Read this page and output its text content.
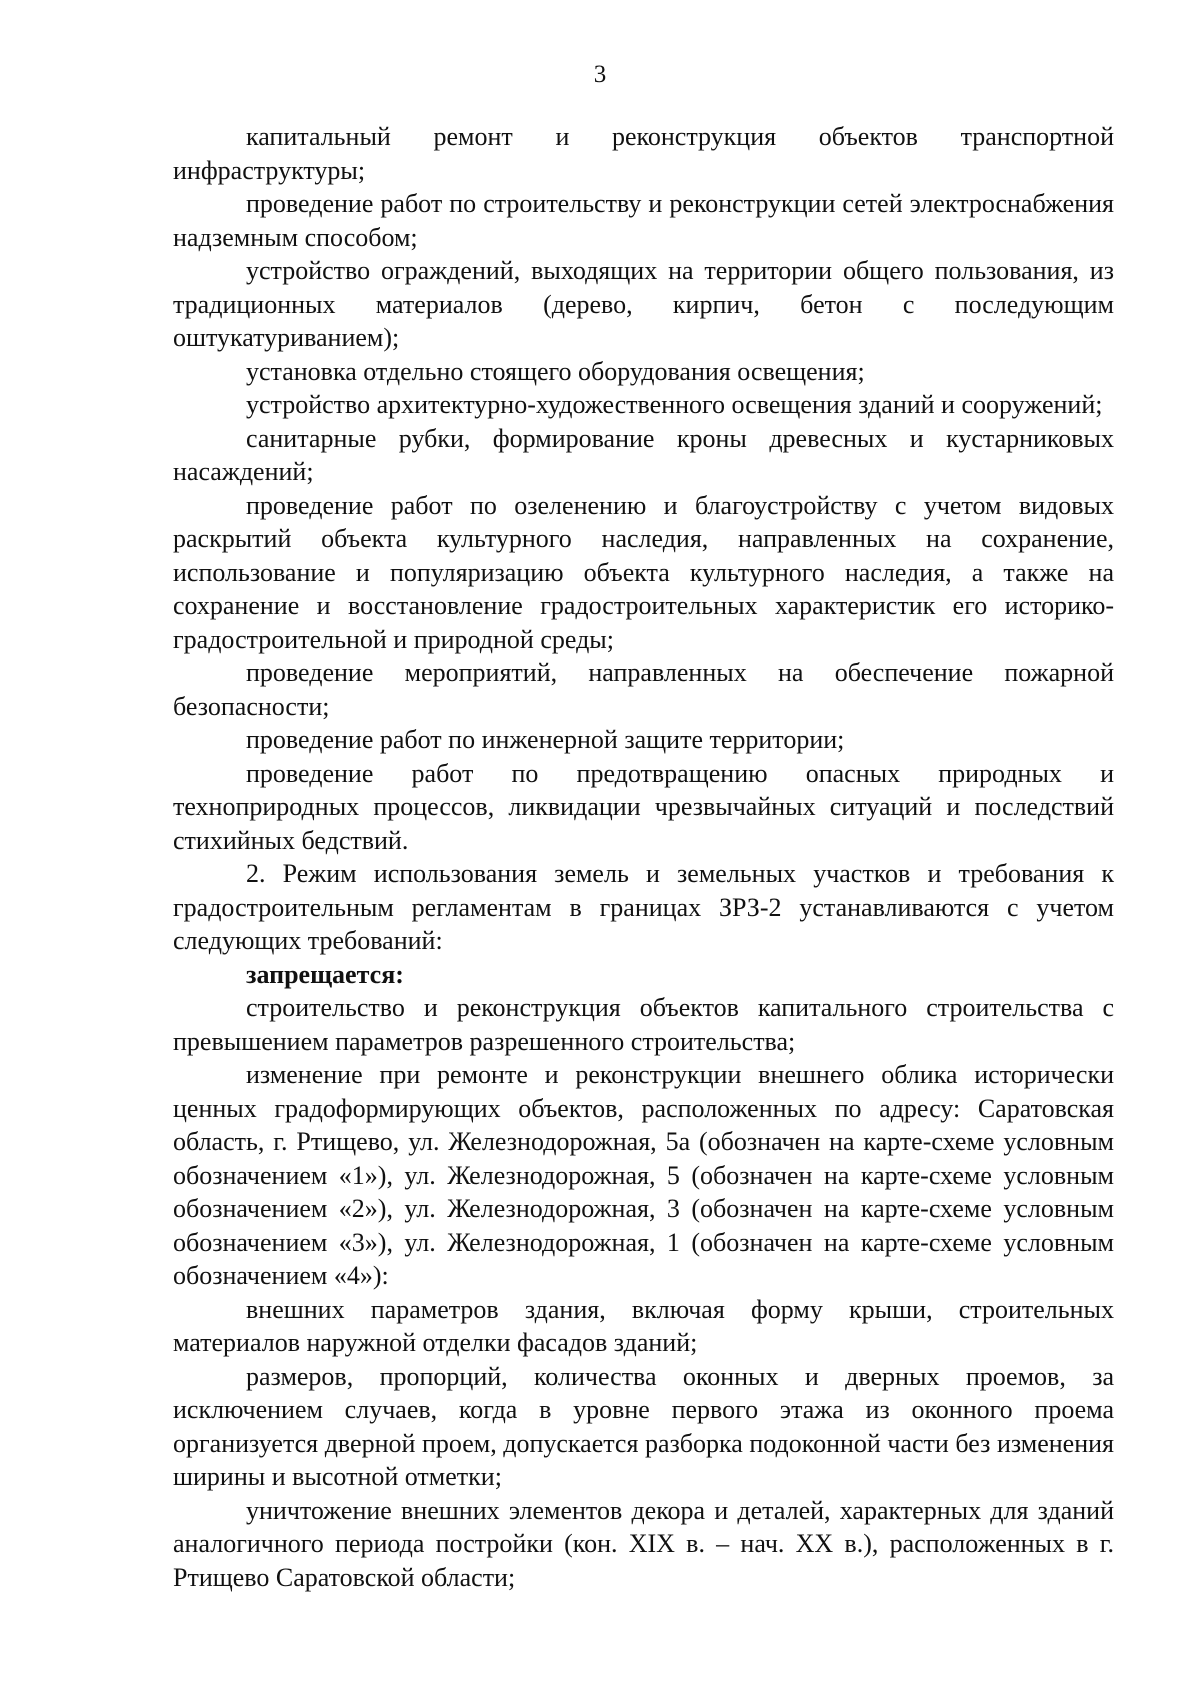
3

капитальный ремонт и реконструкция объектов транспортной инфраструктуры;

проведение работ по строительству и реконструкции сетей электроснабжения надземным способом;

устройство ограждений, выходящих на территории общего пользования, из традиционных материалов (дерево, кирпич, бетон с последующим оштукатуриванием);

установка отдельно стоящего оборудования освещения;

устройство архитектурно-художественного освещения зданий и сооружений;

санитарные рубки, формирование кроны древесных и кустарниковых насаждений;

проведение работ по озеленению и благоустройству с учетом видовых раскрытий объекта культурного наследия, направленных на сохранение, использование и популяризацию объекта культурного наследия, а также на сохранение и восстановление градостроительных характеристик его историко-градостроительной и природной среды;

проведение мероприятий, направленных на обеспечение пожарной безопасности;

проведение работ по инженерной защите территории;

проведение работ по предотвращению опасных природных и технoприродных процессов, ликвидации чрезвычайных ситуаций и последствий стихийных бедствий.

2. Режим использования земель и земельных участков и требования к градостроительным регламентам в границах ЗРЗ-2 устанавливаются с учетом следующих требований:

запрещается:

строительство и реконструкция объектов капитального строительства с превышением параметров разрешенного строительства;

изменение при ремонте и реконструкции внешнего облика исторически ценных градоформирующих объектов, расположенных по адресу: Саратовская область, г. Ртищево, ул. Железнодорожная, 5а (обозначен на карте-схеме условным обозначением «1»), ул. Железнодорожная, 5 (обозначен на карте-схеме условным обозначением «2»), ул. Железнодорожная, 3 (обозначен на карте-схеме условным обозначением «3»), ул. Железнодорожная, 1 (обозначен на карте-схеме условным обозначением «4»):

внешних параметров здания, включая форму крыши, строительных материалов наружной отделки фасадов зданий;

размеров, пропорций, количества оконных и дверных проемов, за исключением случаев, когда в уровне первого этажа из оконного проема организуется дверной проем, допускается разборка подоконной части без изменения ширины и высотной отметки;

уничтожение внешних элементов декора и деталей, характерных для зданий аналогичного периода постройки (кон. XIX в. – нач. XX в.), расположенных в г. Ртищево Саратовской области;
